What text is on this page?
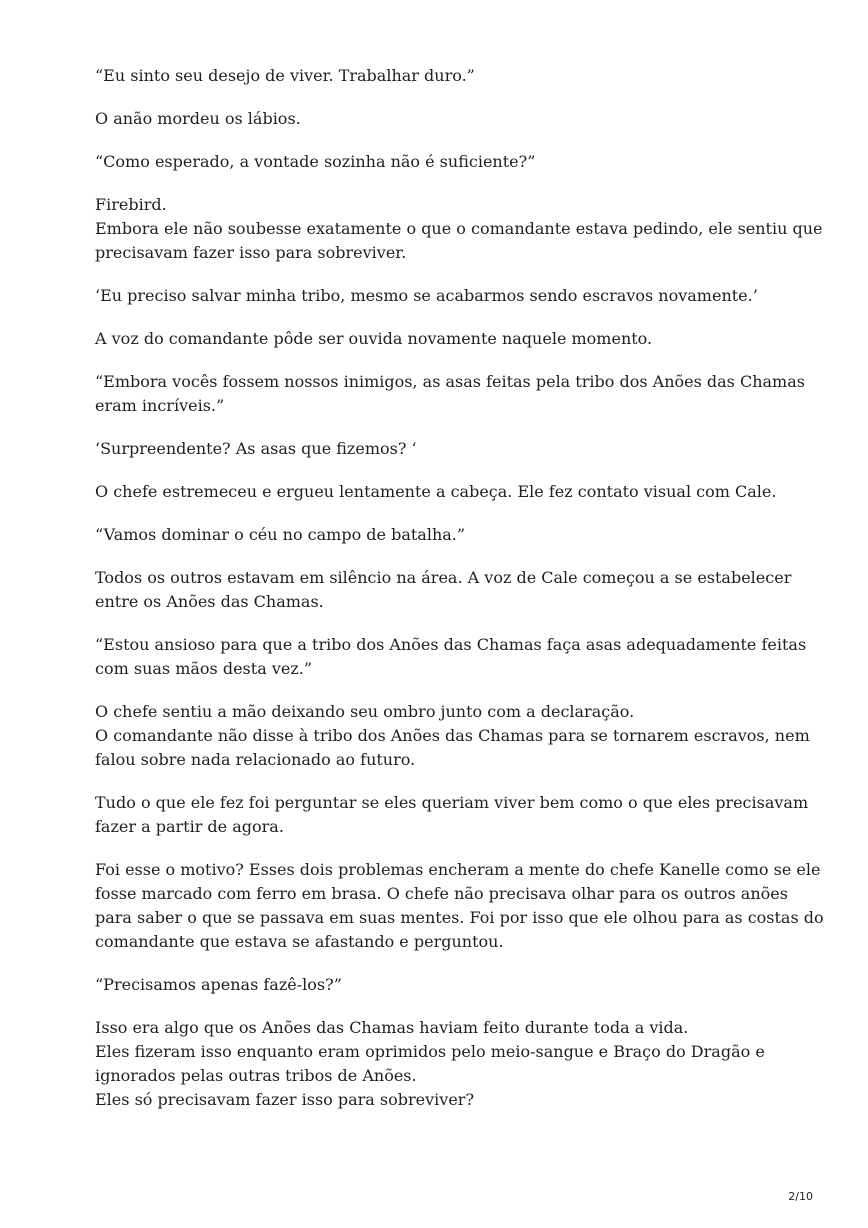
“Eu sinto seu desejo de viver. Trabalhar duro.”

O anão mordeu os lábios.

“Como esperado, a vontade sozinha não é suficiente?”

Firebird.
Embora ele não soubesse exatamente o que o comandante estava pedindo, ele sentiu que
precisavam fazer isso para sobreviver.

‘Eu preciso salvar minha tribo, mesmo se acabarmos sendo escravos novamente.’

A voz do comandante pôde ser ouvida novamente naquele momento.

“Embora vocês fossem nossos inimigos, as asas feitas pela tribo dos Anões das Chamas
eram incríveis.”

‘Surpreendente? As asas que fizemos? ‘

O chefe estremeceu e ergueu lentamente a cabeça. Ele fez contato visual com Cale.

“Vamos dominar o céu no campo de batalha.”

Todos os outros estavam em silêncio na área. A voz de Cale começou a se estabelecer
entre os Anões das Chamas.

“Estou ansioso para que a tribo dos Anões das Chamas faça asas adequadamente feitas
com suas mãos desta vez.”

O chefe sentiu a mão deixando seu ombro junto com a declaração.
O comandante não disse à tribo dos Anões das Chamas para se tornarem escravos, nem
falou sobre nada relacionado ao futuro.

Tudo o que ele fez foi perguntar se eles queriam viver bem como o que eles precisavam
fazer a partir de agora.

Foi esse o motivo? Esses dois problemas encheram a mente do chefe Kanelle como se ele
fosse marcado com ferro em brasa. O chefe não precisava olhar para os outros anões
para saber o que se passava em suas mentes. Foi por isso que ele olhou para as costas do
comandante que estava se afastando e perguntou.

“Precisamos apenas fazê-los?”

Isso era algo que os Anões das Chamas haviam feito durante toda a vida.
Eles fizeram isso enquanto eram oprimidos pelo meio-sangue e Braço do Dragão e
ignorados pelas outras tribos de Anões.
Eles só precisavam fazer isso para sobreviver?

2/10
